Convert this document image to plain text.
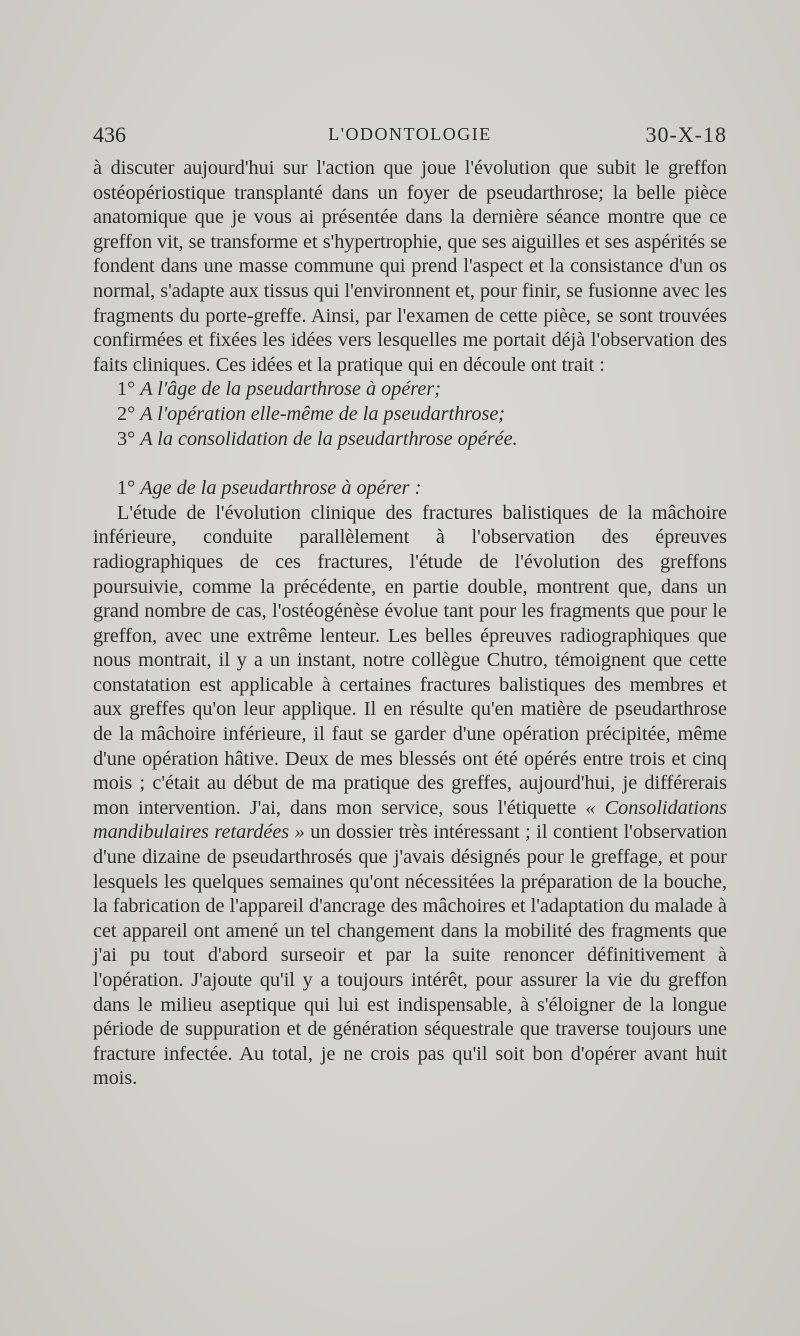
436	L'ODONTOLOGIE	30-X-18

à discuter aujourd'hui sur l'action que joue l'évolution que subit le greffon ostéopériostique transplanté dans un foyer de pseudarthrose; la belle pièce anatomique que je vous ai présentée dans la dernière séance montre que ce greffon vit, se transforme et s'hypertrophie, que ses aiguilles et ses aspérités se fondent dans une masse commune qui prend l'aspect et la consistance d'un os normal, s'adapte aux tissus qui l'environnent et, pour finir, se fusionne avec les fragments du porte-greffe. Ainsi, par l'examen de cette pièce, se sont trouvées confirmées et fixées les idées vers lesquelles me portait déjà l'observation des faits cliniques. Ces idées et la pratique qui en découle ont trait :

1° A l'âge de la pseudarthrose à opérer;

2° A l'opération elle-même de la pseudarthrose;

3° A la consolidation de la pseudarthrose opérée.

1° Age de la pseudarthrose à opérer :

L'étude de l'évolution clinique des fractures balistiques de la mâchoire inférieure, conduite parallèlement à l'observation des épreuves radiographiques de ces fractures, l'étude de l'évolution des greffons poursuivie, comme la précédente, en partie double, montrent que, dans un grand nombre de cas, l'ostéogénèse évolue tant pour les fragments que pour le greffon, avec une extrême lenteur. Les belles épreuves radiographiques que nous montrait, il y a un instant, notre collègue Chutro, témoignent que cette constatation est applicable à certaines fractures balistiques des membres et aux greffes qu'on leur applique. Il en résulte qu'en matière de pseudarthrose de la mâchoire inférieure, il faut se garder d'une opération précipitée, même d'une opération hâtive. Deux de mes blessés ont été opérés entre trois et cinq mois ; c'était au début de ma pratique des greffes, aujourd'hui, je différerais mon intervention. J'ai, dans mon service, sous l'étiquette « Consolidations mandibulaires retardées » un dossier très intéressant ; il contient l'observation d'une dizaine de pseudarthrosés que j'avais désignés pour le greffage, et pour lesquels les quelques semaines qu'ont nécessitées la préparation de la bouche, la fabrication de l'appareil d'ancrage des mâchoires et l'adaptation du malade à cet appareil ont amené un tel changement dans la mobilité des fragments que j'ai pu tout d'abord surseoir et par la suite renoncer définitivement à l'opération. J'ajoute qu'il y a toujours intérêt, pour assurer la vie du greffon dans le milieu aseptique qui lui est indispensable, à s'éloigner de la longue période de suppuration et de génération séquestrale que traverse toujours une fracture infectée. Au total, je ne crois pas qu'il soit bon d'opérer avant huit mois.
